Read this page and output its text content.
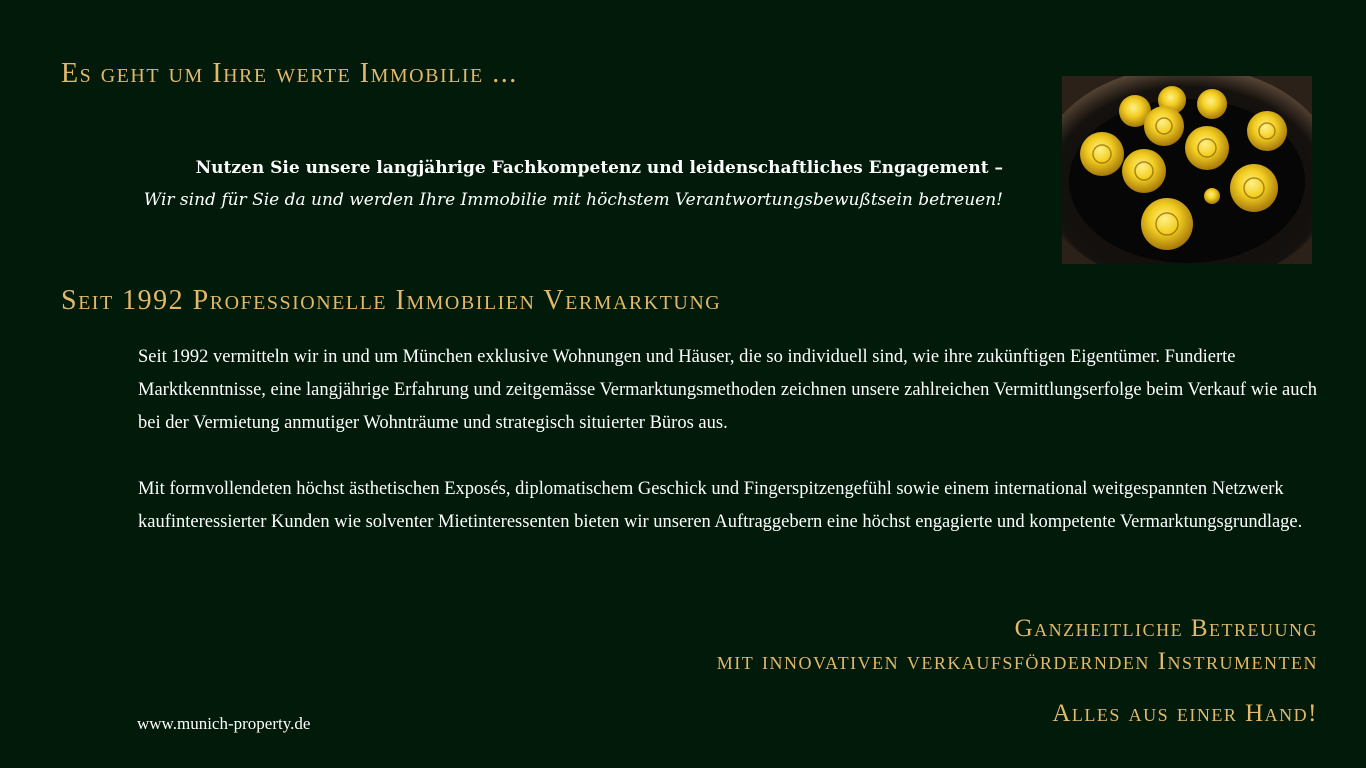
Es geht um Ihre werte Immobilie ...
Nutzen Sie unsere langjährige Fachkompetenz und leidenschaftliches Engagement –
Wir sind für Sie da und werden Ihre Immobilie mit höchstem Verantwortungsbewußtsein betreuen!
Seit 1992 Professionelle Immobilien Vermarktung

Seit 1992 vermitteln wir in und um München exklusive Wohnungen und Häuser, die so individuell sind, wie ihre zukünftigen Eigentümer. Fundierte Marktkenntnisse, eine langjährige Erfahrung und zeitgemässe Vermarktungsmethoden zeichnen unsere zahlreichen Vermittlungserfolge beim Verkauf wie auch bei der Vermietung anmutiger Wohnträume und strategisch situierter Büros aus.

Mit formvollendeten höchst ästhetischen Exposés, diplomatischem Geschick und Fingerspitzengefühl sowie einem international weitgespannten Netzwerk kaufinteressierter Kunden wie solventer Mietinteressenten bieten wir unseren Auftraggebern eine höchst engagierte und kompetente Vermarktungsgrundlage.

Ganzheitliche Betreuung
mit innovativen verkaufsfördernden Instrumenten
Alles aus einer Hand!
www.munich-property.de
